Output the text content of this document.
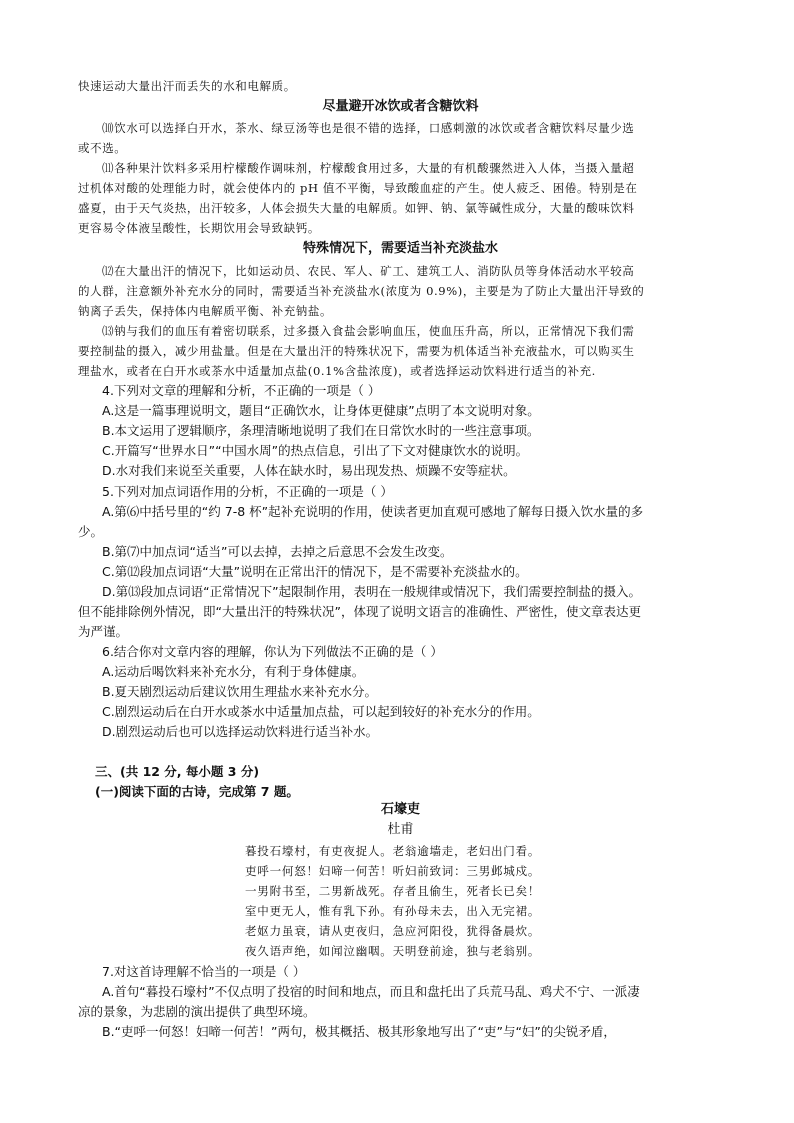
快速运动大量出汗而丢失的水和电解质。
尽量避开冰饮或者含糖饮料
⑽饮水可以选择白开水，茶水、绿豆汤等也是很不错的选择，口感刺激的冰饮或者含糖饮料尽量少选
或不选。
⑾各种果汁饮料多采用柠檬酸作调味剂，柠檬酸食用过多，大量的有机酸骤然进入人体，当摄入量超
过机体对酸的处理能力时，就会使体内的 pH 值不平衡，导致酸血症的产生。使人疲乏、困倦。特别是在
盛夏，由于天气炎热，出汗较多，人体会损失大量的电解质。如钾、钠、氯等碱性成分，大量的酸味饮料
更容易令体液呈酸性，长期饮用会导致缺钙。
特殊情况下，需要适当补充淡盐水
⑿在大量出汗的情况下，比如运动员、农民、军人、矿工、建筑工人、消防队员等身体活动水平较高
的人群，注意额外补充水分的同时，需要适当补充淡盐水(浓度为 0.9%)，主要是为了防止大量出汗导致的
钠离子丢失，保持体内电解质平衡、补充钠盐。
⒀钠与我们的血压有着密切联系，过多摄入食盐会影响血压，使血压升高，所以，正常情况下我们需
要控制盐的摄入，减少用盐量。但是在大量出汗的特殊状况下，需要为机体适当补充液盐水，可以购买生
理盐水，或者在白开水或茶水中适量加点盐(0.1%含盐浓度)，或者选择运动饮料进行适当的补充.
4.下列对文章的理解和分析，不正确的一项是（ ）
A.这是一篇事理说明文，题目“正确饮水，让身体更健康”点明了本文说明对象。
B.本文运用了逻辑顺序，条理清晰地说明了我们在日常饮水时的一些注意事项。
C.开篇写“世界水日”“中国水周”的热点信息，引出了下文对健康饮水的说明。
D.水对我们来说至关重要，人体在缺水时，易出现发热、烦躁不安等症状。
5.下列对加点词语作用的分析，不正确的一项是（ ）
A.第⑹中括号里的“约 7-8 杯”起补充说明的作用，使读者更加直观可感地了解每日摄入饮水量的多
少。
B.第⑺中加点词“适当”可以去掉，去掉之后意思不会发生改变。
C.第⑿段加点词语“大量”说明在正常出汗的情况下，是不需要补充淡盐水的。
D.第⒀段加点词语“正常情况下”起限制作用，表明在一般规律或情况下，我们需要控制盐的摄入。
但不能排除例外情况，即“大量出汗的特殊状况”，体现了说明文语言的准确性、严密性，使文章表达更
为严谨。
6.结合你对文章内容的理解，你认为下列做法不正确的是（ ）
A.运动后喝饮料来补充水分，有利于身体健康。
B.夏天剧烈运动后建议饮用生理盐水来补充水分。
C.剧烈运动后在白开水或茶水中适量加点盐，可以起到较好的补充水分的作用。
D.剧烈运动后也可以选择运动饮料进行适当补水。
三、(共 12 分, 每小题 3 分)
(一)阅读下面的古诗，完成第 7 题。
石壕吏
杜甫
暮投石壕村，有吏夜捉人。老翁逾墙走，老妇出门看。
吏呼一何怒！妇啼一何苦！听妇前致词：三男邺城戍。
一男附书至，二男新战死。存者且偷生，死者长已矣！
室中更无人，惟有乳下孙。有孙母未去，出入无完裙。
老妪力虽衰，请从吏夜归，急应河阳役，犹得备晨炊。
夜久语声绝，如闻泣幽咽。天明登前途，独与老翁别。
7.对这首诗理解不恰当的一项是（ ）
A.首句“暮投石壕村”不仅点明了投宿的时间和地点，而且和盘托出了兵荒马乱、鸡犬不宁、一派凄
凉的景象，为悲剧的演出提供了典型环境。
B.“吏呼一何怒！妇啼一何苦！”两句，极其概括、极其形象地写出了“吏”与“妇”的尖锐矛盾，
